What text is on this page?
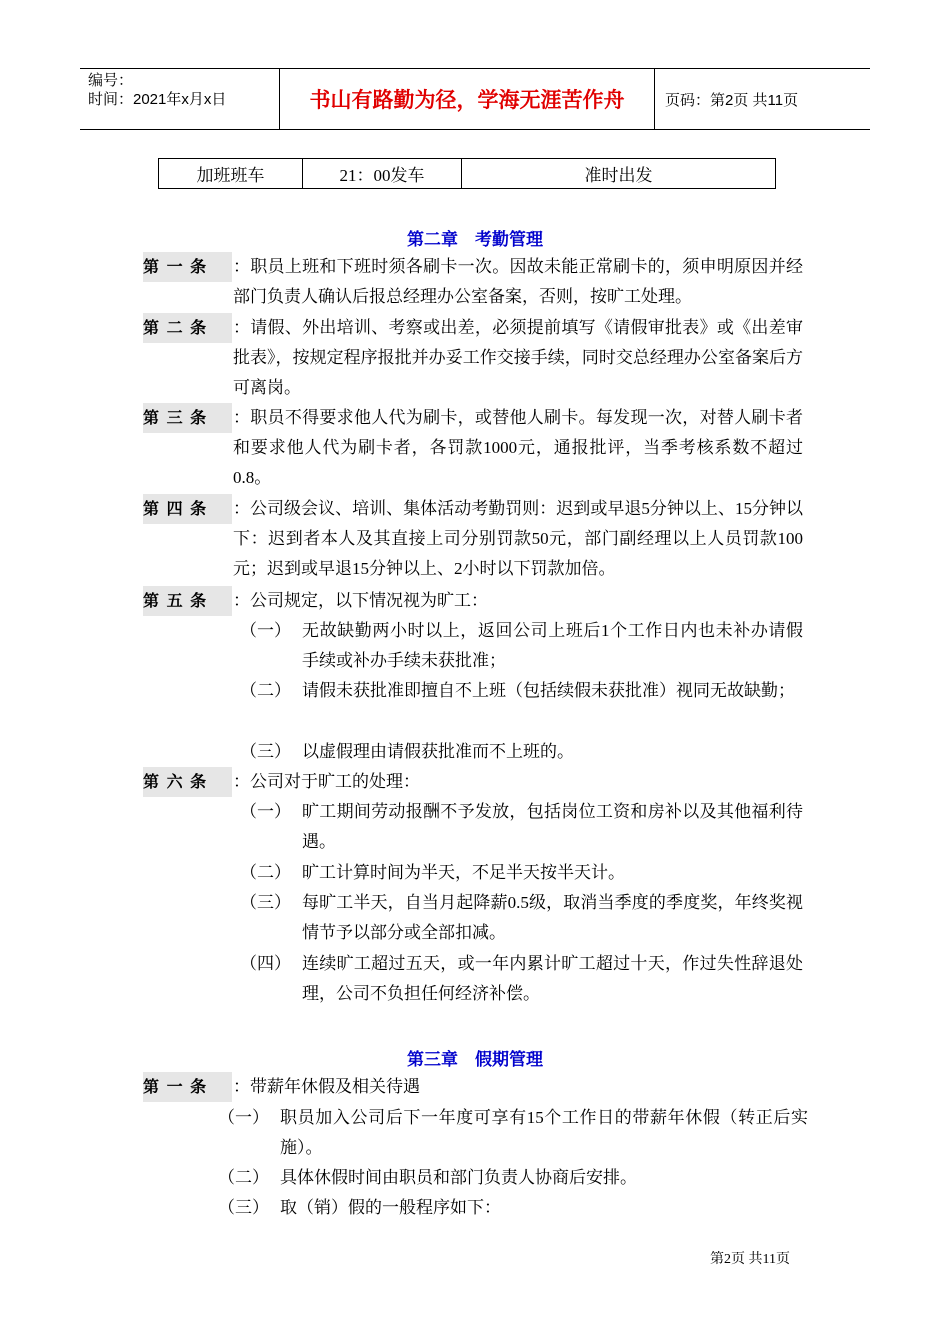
编号：
时间：2021年x月x日	书山有路勤为径，学海无涯苦作舟	页码：第2页 共11页
加班班车	21：00发车	准时出发
第二章　考勤管理
第 一 条	：职员上班和下班时须各刷卡一次。因故未能正常刷卡的，须申明原因并经部门负责人确认后报总经理办公室备案，否则，按旷工处理。
第 二 条	：请假、外出培训、考察或出差，必须提前填写《请假审批表》或《出差审批表》，按规定程序报批并办妥工作交接手续，同时交总经理办公室备案后方可离岗。
第 三 条	：职员不得要求他人代为刷卡，或替他人刷卡。每发现一次，对替人刷卡者和要求他人代为刷卡者，各罚款1000元，通报批评，当季考核系数不超过0.8。
第 四 条	：公司级会议、培训、集体活动考勤罚则：迟到或早退5分钟以上、15分钟以下：迟到者本人及其直接上司分别罚款50元，部门副经理以上人员罚款100元；迟到或早退15分钟以上、2小时以下罚款加倍。
第 五 条	：公司规定，以下情况视为旷工：
（一） 无故缺勤两小时以上，返回公司上班后1个工作日内也未补办请假手续或补办手续未获批准；
（二） 请假未获批准即擅自不上班（包括续假未获批准）视同无故缺勤；
（三） 以虚假理由请假获批准而不上班的。
第 六 条	：公司对于旷工的处理：
（一） 旷工期间劳动报酬不予发放，包括岗位工资和房补以及其他福利待遇。
（二） 旷工计算时间为半天，不足半天按半天计。
（三） 每旷工半天，自当月起降薪0.5级，取消当季度的季度奖，年终奖视情节予以部分或全部扣减。
（四） 连续旷工超过五天，或一年内累计旷工超过十天，作过失性辞退处理，公司不负担任何经济补偿。
第三章　假期管理
第 一 条	：带薪年休假及相关待遇
（一） 职员加入公司后下一年度可享有15个工作日的带薪年休假（转正后实施）。
（二） 具体休假时间由职员和部门负责人协商后安排。
（三） 取（销）假的一般程序如下：
第2页 共11页
